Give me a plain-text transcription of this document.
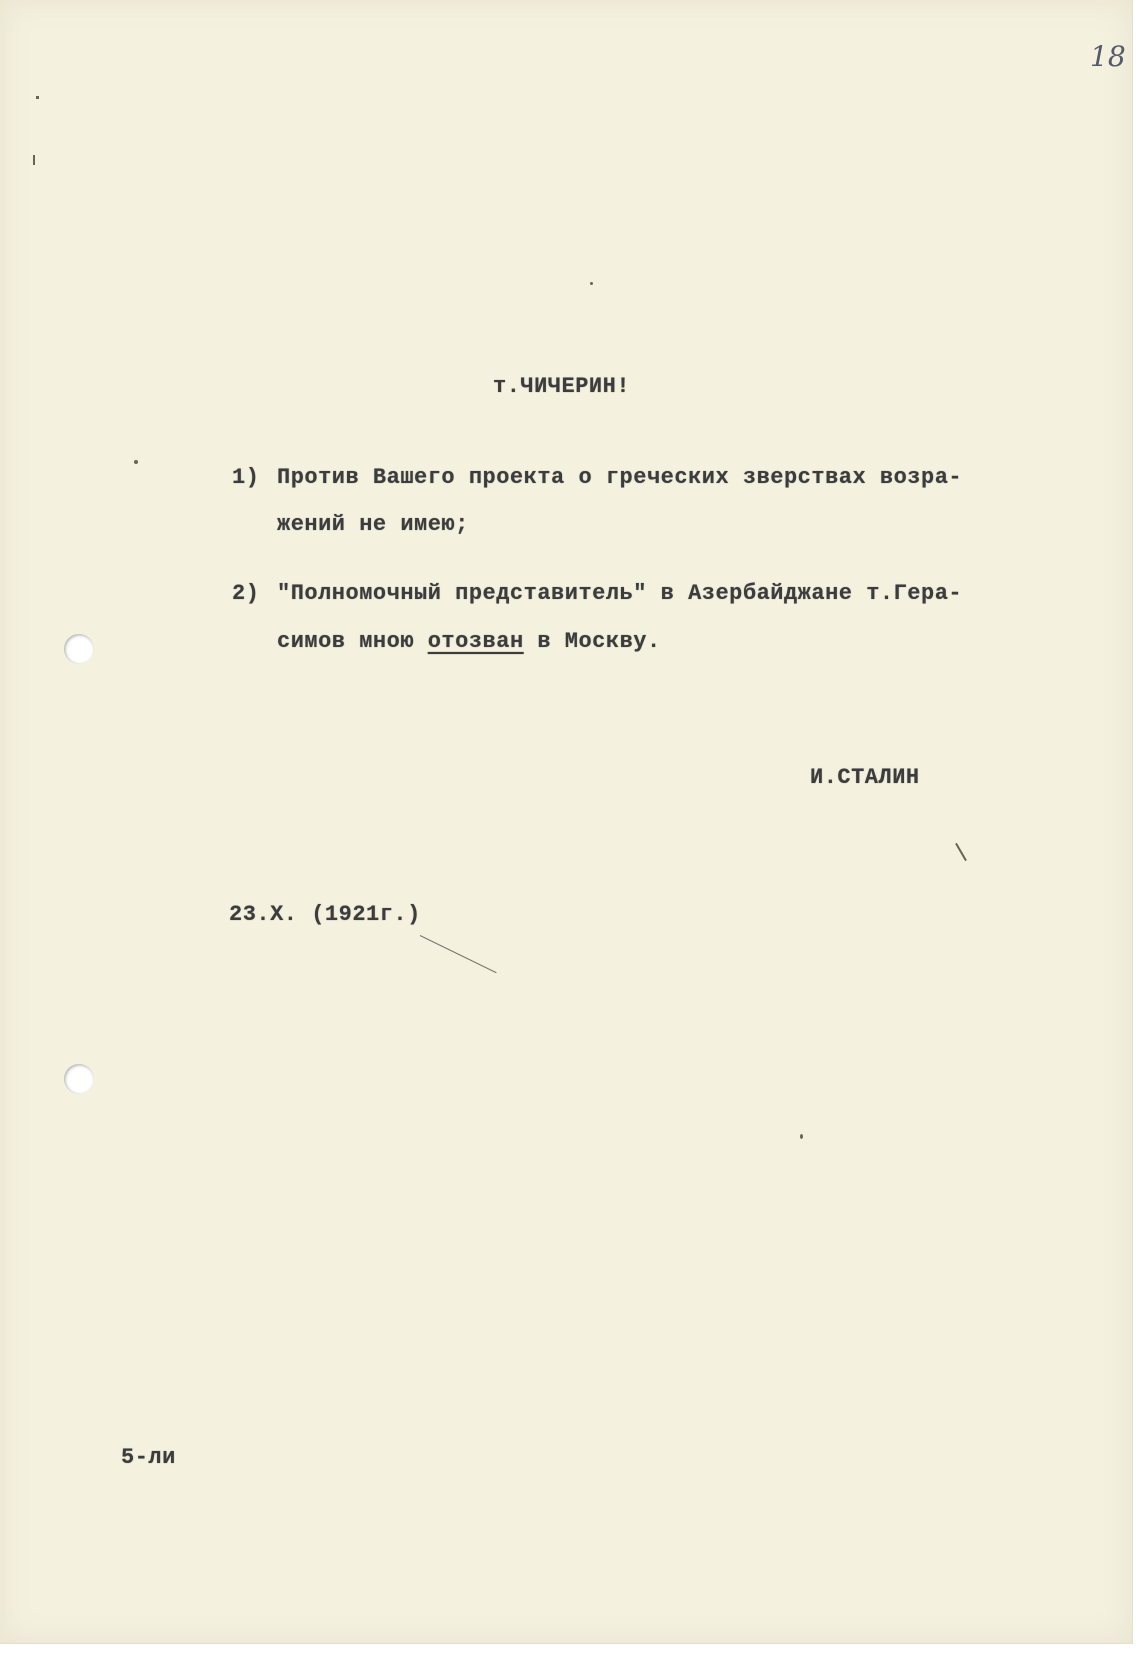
18
т.ЧИЧЕРИН!
1) Против Вашего проекта о греческих зверствах возра-
жений не имею;
2) "Полномочный представитель" в Азербайджане т.Гера-
симов мною отозван в Москву.
И.СТАЛИН
23.X. (1921г.)
5-ли
